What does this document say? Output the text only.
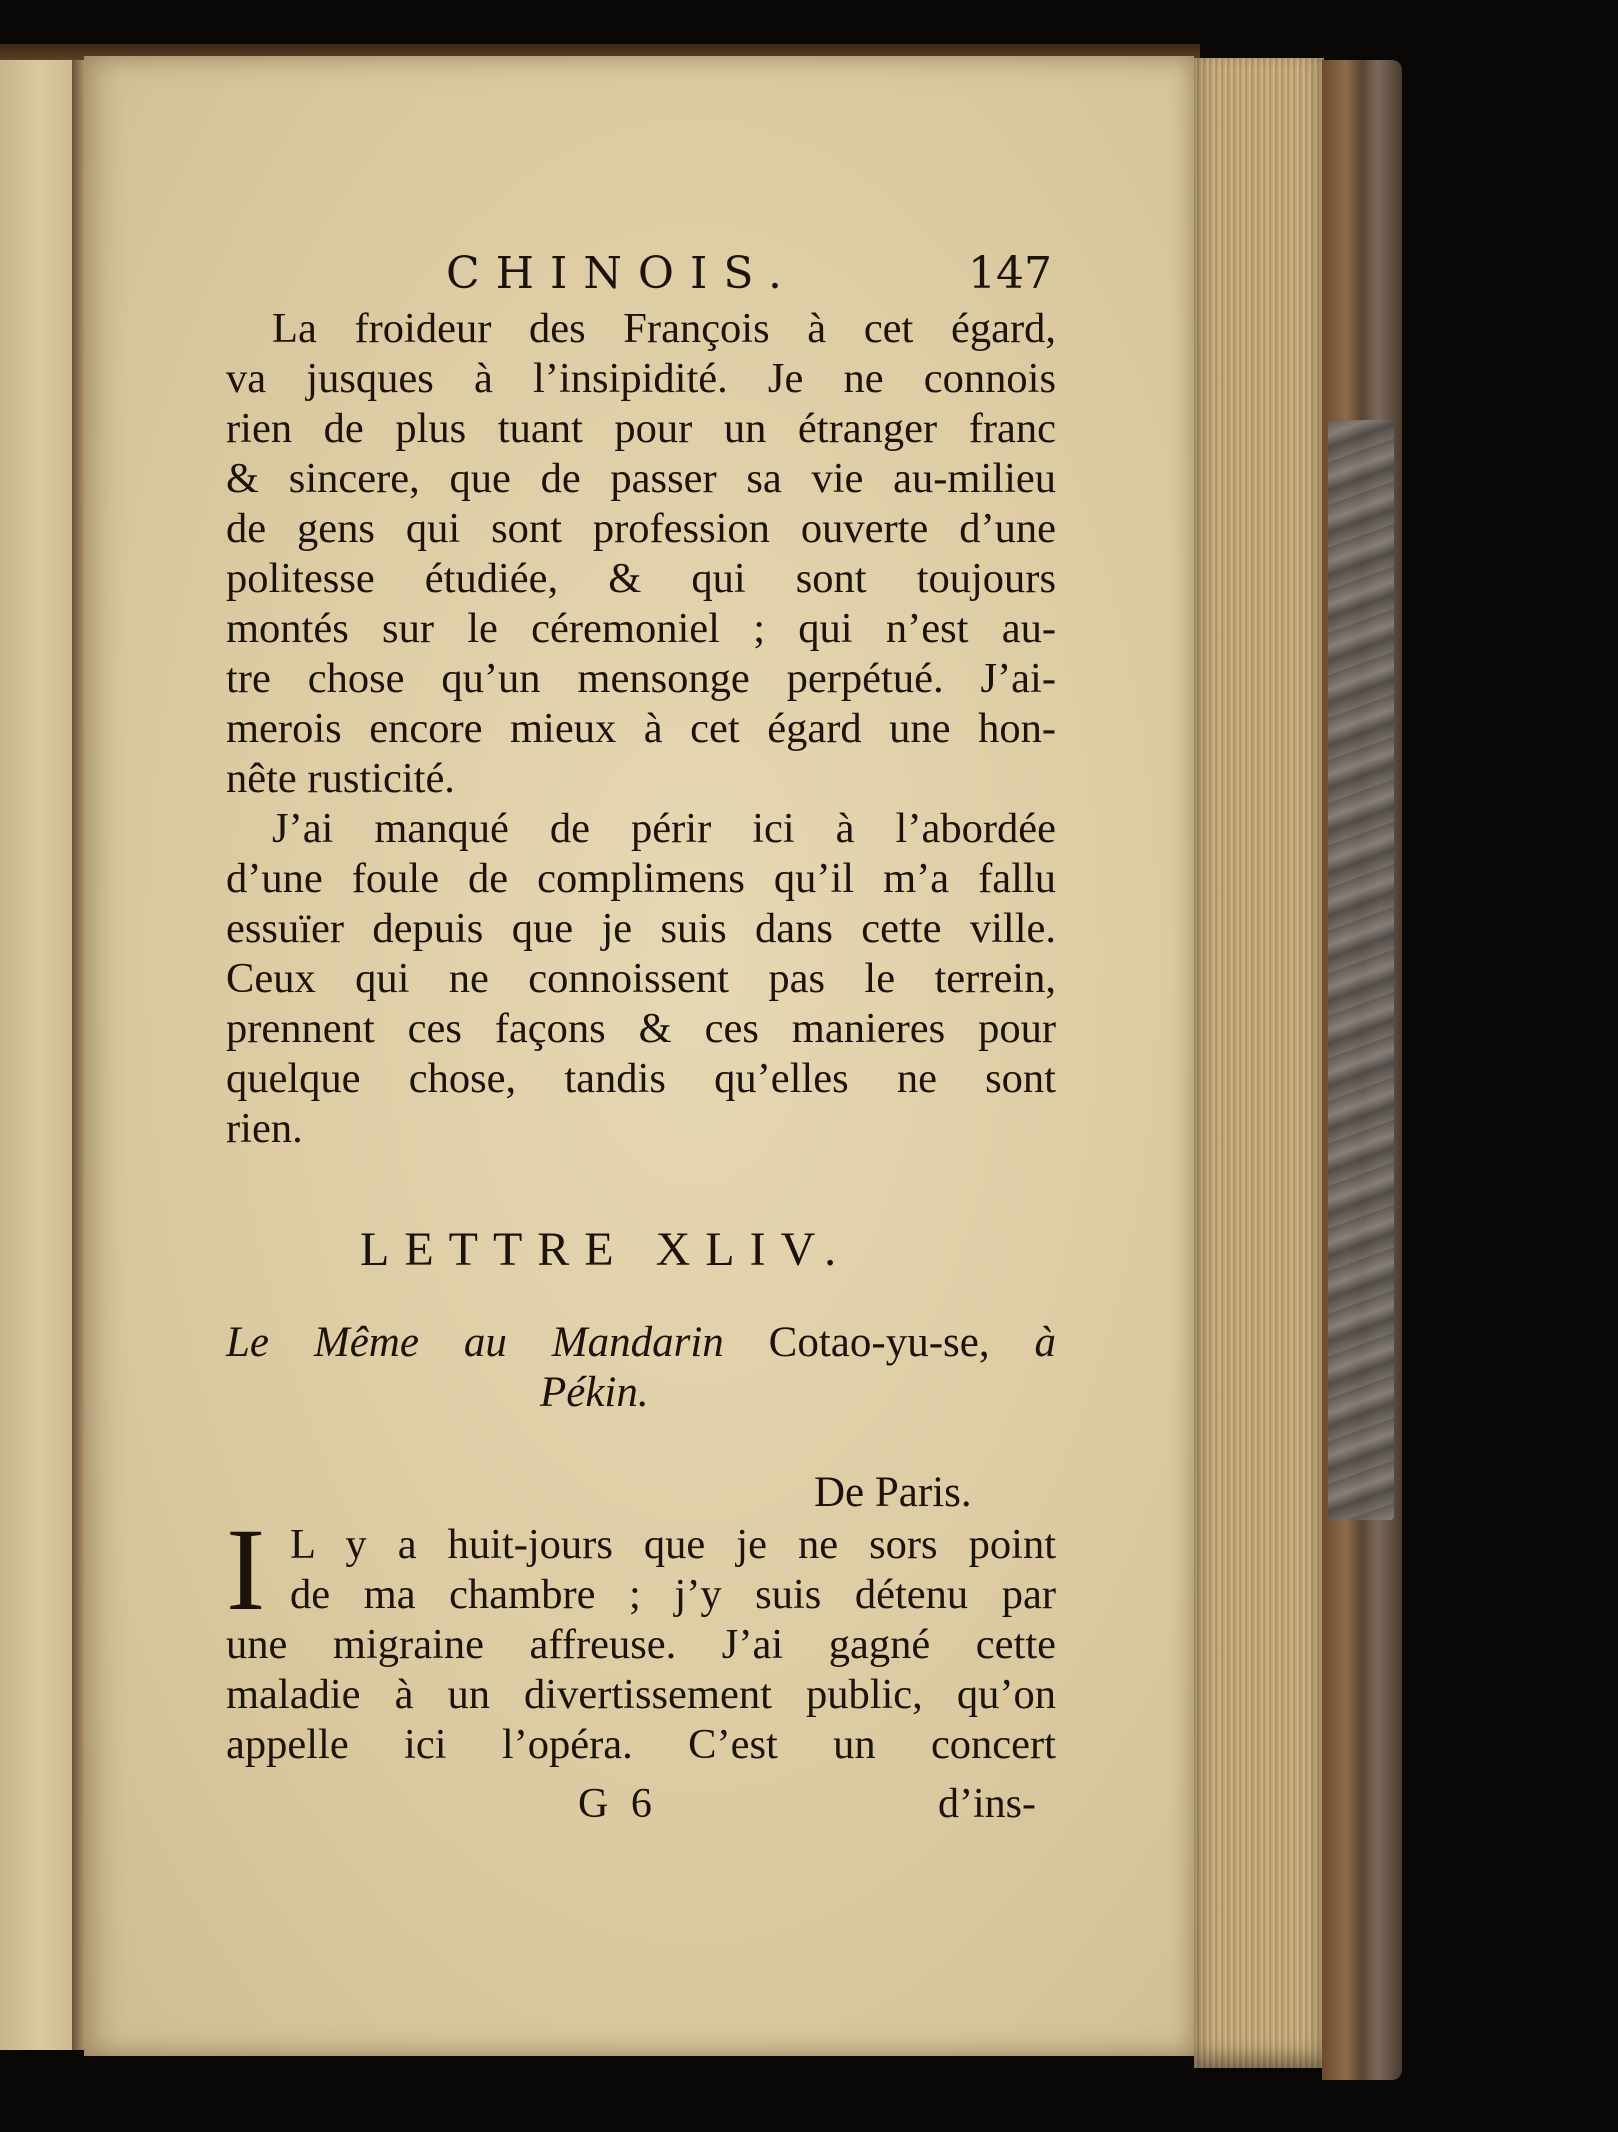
CHINOIS.	147
La froideur des François à cet égard,
va jusques à l’insipidité. Je ne connois
rien de plus tuant pour un étranger franc
& sincere, que de passer sa vie au-milieu
de gens qui sont profession ouverte d’une
politesse étudiée, & qui sont toujours
montés sur le céremoniel ; qui n’est au-
tre chose qu’un mensonge perpétué. J’ai-
merois encore mieux à cet égard une hon-
nête rusticité.
J’ai manqué de périr ici à l’abordée
d’une foule de complimens qu’il m’a fallu
essuïer depuis que je suis dans cette ville.
Ceux qui ne connoissent pas le terrein,
prennent ces façons & ces manieres pour
quelque chose, tandis qu’elles ne sont
rien.
LETTRE XLIV.
Le Même au Mandarin Cotao-yu-se, à
Pékin.
De Paris.
I L y a huit-jours que je ne sors point
de ma chambre ; j’y suis détenu par
une migraine affreuse. J’ai gagné cette
maladie à un divertissement public, qu’on
appelle ici l’opéra. C’est un concert
G 6	d’ins-
